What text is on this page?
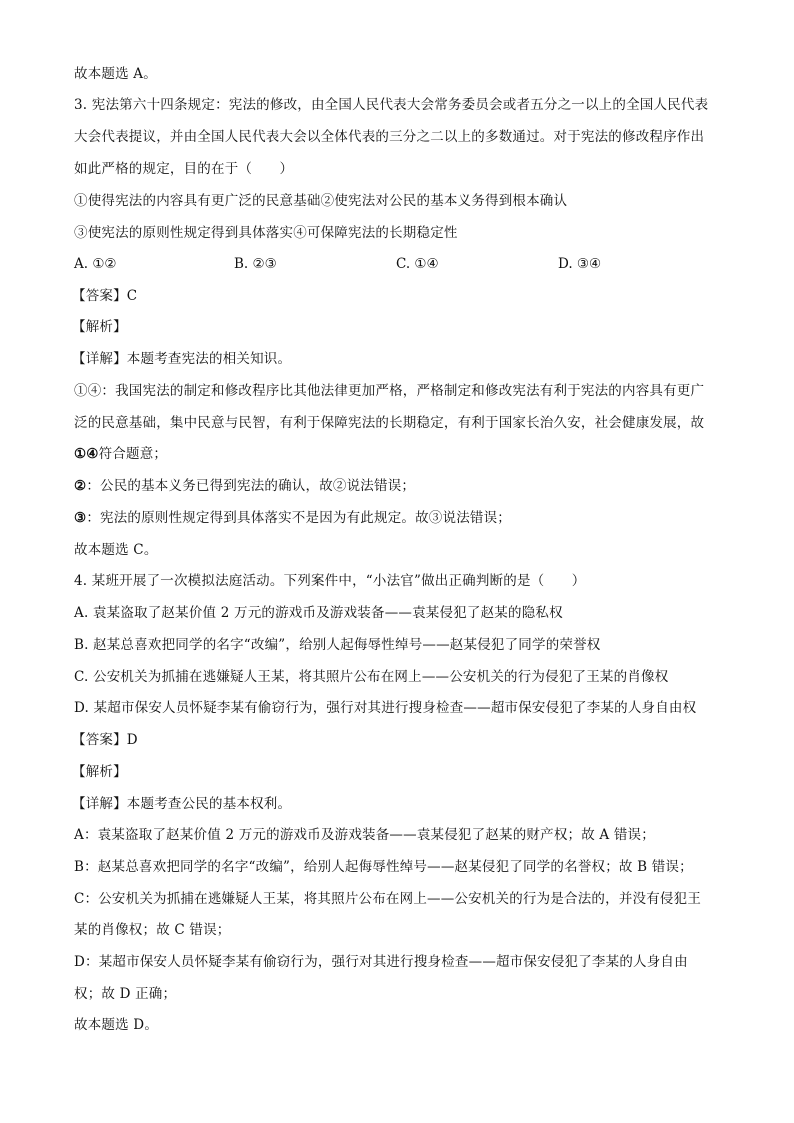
故本题选 A。
3. 宪法第六十四条规定：宪法的修改，由全国人民代表大会常务委员会或者五分之一以上的全国人民代表
大会代表提议，并由全国人民代表大会以全体代表的三分之二以上的多数通过。对于宪法的修改程序作出
如此严格的规定，目的在于（　　）
①使得宪法的内容具有更广泛的民意基础②使宪法对公民的基本义务得到根本确认
③使宪法的原则性规定得到具体落实④可保障宪法的长期稳定性
A. ①②	B. ②③	C. ①④	D. ③④
【答案】C
【解析】
【详解】本题考查宪法的相关知识。
①④：我国宪法的制定和修改程序比其他法律更加严格，严格制定和修改宪法有利于宪法的内容具有更广
泛的民意基础，集中民意与民智，有利于保障宪法的长期稳定，有利于国家长治久安，社会健康发展，故
①④符合题意；
②：公民的基本义务已得到宪法的确认，故②说法错误；
③：宪法的原则性规定得到具体落实不是因为有此规定。故③说法错误；
故本题选 C。
4. 某班开展了一次模拟法庭活动。下列案件中，“小法官”做出正确判断的是（　　）
A. 袁某盗取了赵某价值 2 万元的游戏币及游戏装备——袁某侵犯了赵某的隐私权
B. 赵某总喜欢把同学的名字“改编”，给别人起侮辱性绰号——赵某侵犯了同学的荣誉权
C. 公安机关为抓捕在逃嫌疑人王某，将其照片公布在网上——公安机关的行为侵犯了王某的肖像权
D. 某超市保安人员怀疑李某有偷窃行为，强行对其进行搜身检查——超市保安侵犯了李某的人身自由权
【答案】D
【解析】
【详解】本题考查公民的基本权利。
A：袁某盗取了赵某价值 2 万元的游戏币及游戏装备——袁某侵犯了赵某的财产权；故 A 错误；
B：赵某总喜欢把同学的名字“改编”，给别人起侮辱性绰号——赵某侵犯了同学的名誉权；故 B 错误；
C：公安机关为抓捕在逃嫌疑人王某，将其照片公布在网上——公安机关的行为是合法的，并没有侵犯王
某的肖像权；故 C 错误；
D：某超市保安人员怀疑李某有偷窃行为，强行对其进行搜身检查——超市保安侵犯了李某的人身自由
权；故 D 正确；
故本题选 D。
